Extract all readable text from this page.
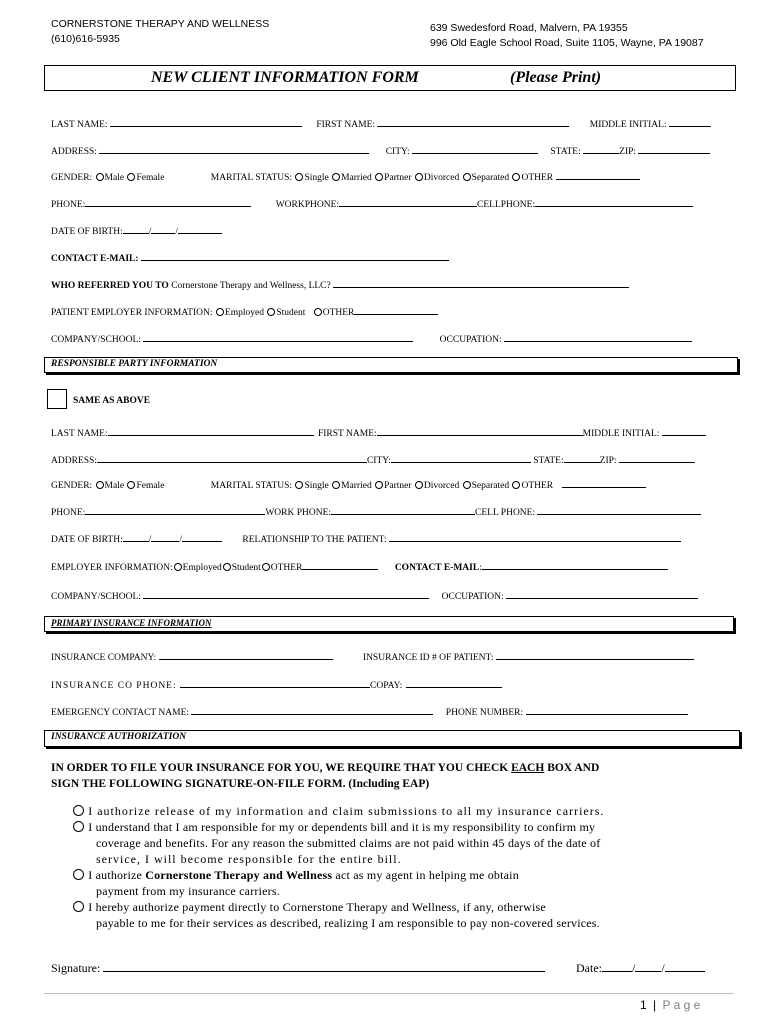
CORNERSTONE THERAPY AND WELLNESS
(610)616-5935
639 Swedesford Road, Malvern, PA 19355
996 Old Eagle School Road, Suite 1105, Wayne, PA 19087
NEW CLIENT INFORMATION FORM	(Please Print)
LAST NAME:	FIRST NAME:	MIDDLE INITIAL:
ADDRESS:	CITY:	STATE:	ZIP:
GENDER: Male Female	MARITAL STATUS: Single Married Partner Divorced Separated OTHER
PHONE:	WORKPHONE:	CELLPHONE:
DATE OF BIRTH:	/	/
CONTACT E-MAIL:
WHO REFERRED YOU TO Cornerstone Therapy and Wellness, LLC?
PATIENT EMPLOYER INFORMATION: Employed Student OTHER
COMPANY/SCHOOL:	OCCUPATION:
RESPONSIBLE PARTY INFORMATION
SAME AS ABOVE
LAST NAME:	FIRST NAME:	MIDDLE INITIAL:
ADDRESS:	CITY:	STATE:	ZIP:
GENDER: Male Female	MARITAL STATUS: Single Married Partner Divorced Separated OTHER
PHONE:	WORK PHONE:	CELL PHONE:
DATE OF BIRTH:	/	/	RELATIONSHIP TO THE PATIENT:
EMPLOYER INFORMATION: Employed Student OTHER	CONTACT E-MAIL:
COMPANY/SCHOOL:	OCCUPATION:
PRIMARY INSURANCE INFORMATION
INSURANCE COMPANY:	INSURANCE ID # OF PATIENT:
INSURANCE CO PHONE:	COPAY:
EMERGENCY CONTACT NAME:	PHONE NUMBER:
INSURANCE AUTHORIZATION
IN ORDER TO FILE YOUR INSURANCE FOR YOU, WE REQUIRE THAT YOU CHECK EACH BOX AND
SIGN THE FOLLOWING SIGNATURE-ON-FILE FORM. (Including EAP)
I authorize release of my information and claim submissions to all my insurance carriers.
I understand that I am responsible for my or dependents bill and it is my responsibility to confirm my
coverage and benefits. For any reason the submitted claims are not paid within 45 days of the date of
service, I will become responsible for the entire bill.
I authorize Cornerstone Therapy and Wellness act as my agent in helping me obtain
payment from my insurance carriers.
I hereby authorize payment directly to Cornerstone Therapy and Wellness, if any, otherwise
payable to me for their services as described, realizing I am responsible to pay non-covered services.
Signature:	Date:	/ /
1 | P a g e
